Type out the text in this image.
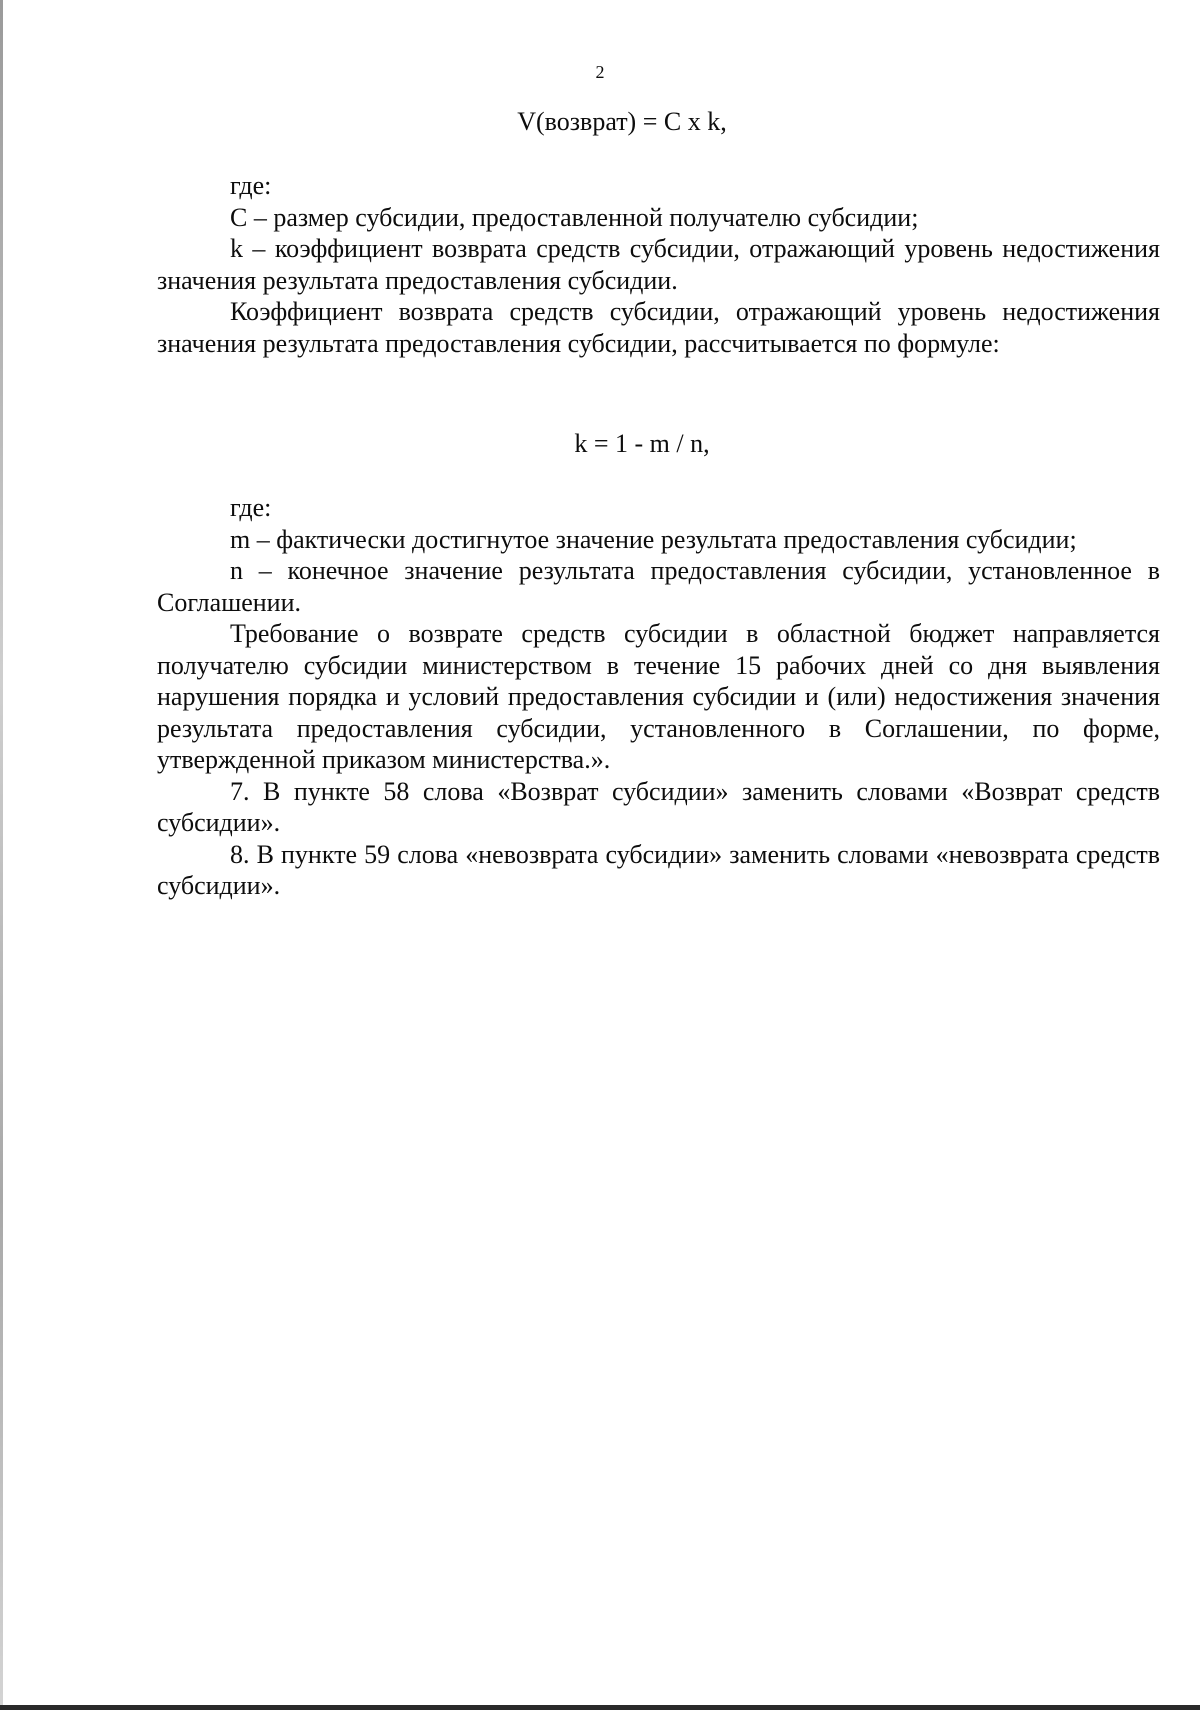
2
V(возврат) = C x k,

где:

С – размер субсидии, предоставленной получателю субсидии;

k – коэффициент возврата средств субсидии, отражающий уровень недостижения значения результата предоставления субсидии.

Коэффициент возврата средств субсидии, отражающий уровень недостижения значения результата предоставления субсидии, рассчитывается по формуле:

k = 1 - m / n,

где:

m – фактически достигнутое значение результата предоставления субсидии;

n – конечное значение результата предоставления субсидии, установленное в Соглашении.

Требование о возврате средств субсидии в областной бюджет направляется получателю субсидии министерством в течение 15 рабочих дней со дня выявления нарушения порядка и условий предоставления субсидии и (или) недостижения значения результата предоставления субсидии, установленного в Соглашении, по форме, утвержденной приказом министерства.».

7. В пункте 58 слова «Возврат субсидии» заменить словами «Возврат средств субсидии».

8. В пункте 59 слова «невозврата субсидии» заменить словами «невозврата средств субсидии».
